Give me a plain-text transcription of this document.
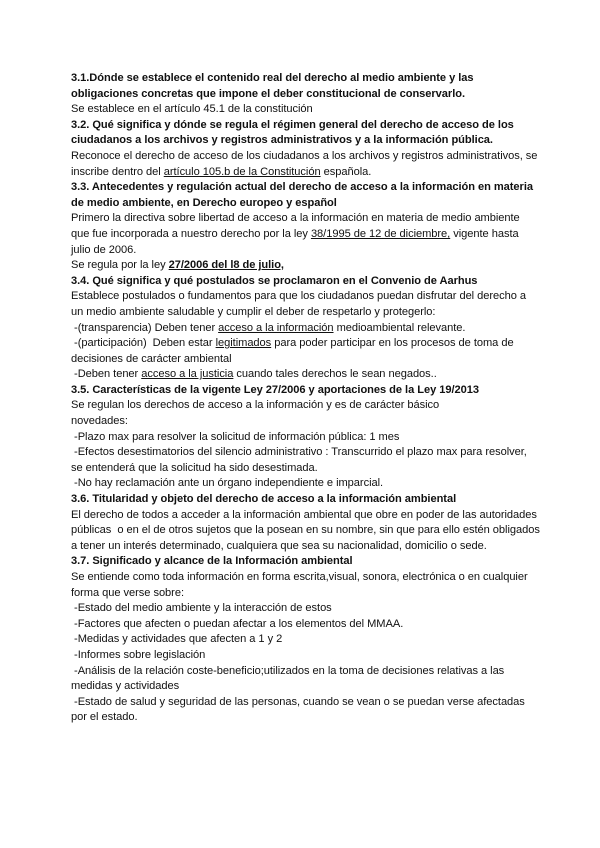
3.1.Dónde se establece el contenido real del derecho al medio ambiente y las obligaciones concretas que impone el deber constitucional de conservarlo.

Se establece en el artículo 45.1 de la constitución

3.2. Qué significa y dónde se regula el régimen general del derecho de acceso de los ciudadanos a los archivos y registros administrativos y a la información pública.

Reconoce el derecho de acceso de los ciudadanos a los archivos y registros administrativos, se inscribe dentro del artículo 105.b de la Constitución española.

3.3. Antecedentes y regulación actual del derecho de acceso a la información en materia de medio ambiente, en Derecho europeo y español

Primero la directiva sobre libertad de acceso a la información en materia de medio ambiente que fue incorporada a nuestro derecho por la ley 38/1995 de 12 de diciembre, vigente hasta julio de 2006.

Se regula por la ley 27/2006 del l8 de julio,

3.4. Qué significa y qué postulados se proclamaron en el Convenio de Aarhus

Establece postulados o fundamentos para que los ciudadanos puedan disfrutar del derecho a un medio ambiente saludable y cumplir el deber de respetarlo y protegerlo:

-(transparencia) Deben tener acceso a la información medioambiental relevante.

-(participación)  Deben estar legitimados para poder participar en los procesos de toma de decisiones de carácter ambiental

-Deben tener acceso a la justicia cuando tales derechos le sean negados..

3.5. Características de la vigente Ley 27/2006 y aportaciones de la Ley 19/2013

Se regulan los derechos de acceso a la información y es de carácter básico

novedades:

-Plazo max para resolver la solicitud de información pública: 1 mes

-Efectos desestimatorios del silencio administrativo : Transcurrido el plazo max para resolver, se entenderá que la solicitud ha sido desestimada.

-No hay reclamación ante un órgano independiente e imparcial.

3.6. Titularidad y objeto del derecho de acceso a la información ambiental

El derecho de todos a acceder a la información ambiental que obre en poder de las autoridades públicas  o en el de otros sujetos que la posean en su nombre, sin que para ello estén obligados a tener un interés determinado, cualquiera que sea su nacionalidad, domicilio o sede.

3.7. Significado y alcance de la Información ambiental

Se entiende como toda información en forma escrita,visual, sonora, electrónica o en cualquier forma que verse sobre:

-Estado del medio ambiente y la interacción de estos

-Factores que afecten o puedan afectar a los elementos del MMAA.

-Medidas y actividades que afecten a 1 y 2

-Informes sobre legislación

-Análisis de la relación coste-beneficio;utilizados en la toma de decisiones relativas a las medidas y actividades

-Estado de salud y seguridad de las personas, cuando se vean o se puedan verse afectadas por el estado.
